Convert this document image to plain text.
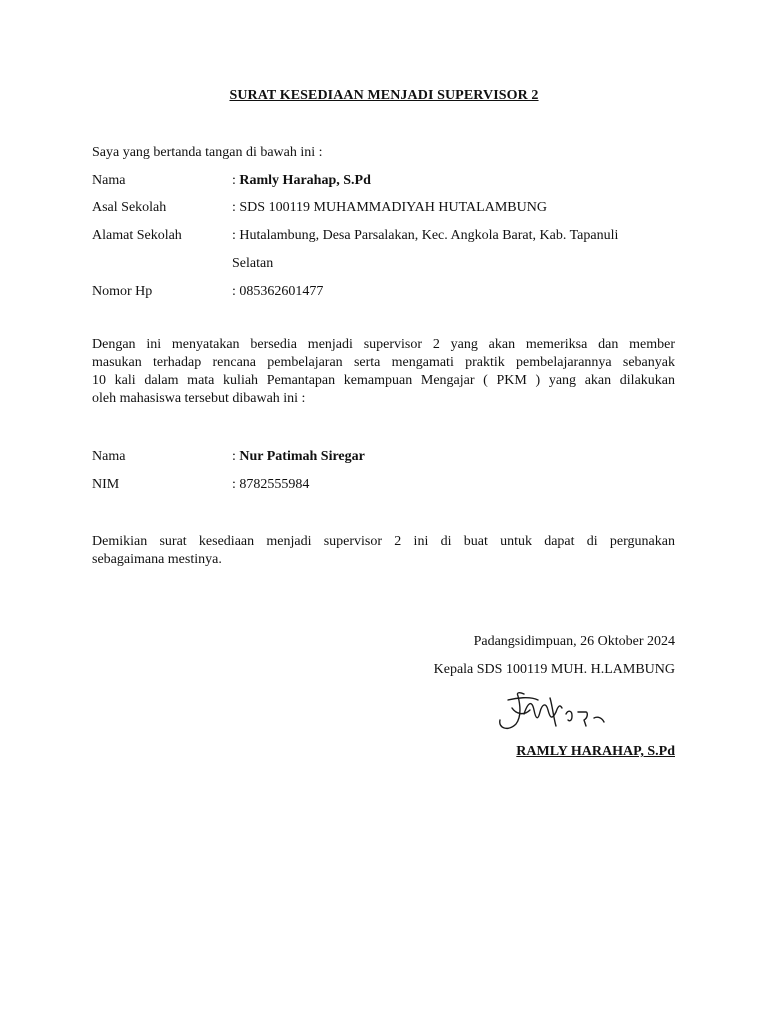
SURAT KESEDIAAN MENJADI SUPERVISOR 2
Saya yang bertanda tangan di bawah ini :
Nama	: Ramly Harahap, S.Pd
Asal Sekolah	: SDS 100119 MUHAMMADIYAH HUTALAMBUNG
Alamat Sekolah	: Hutalambung, Desa Parsalakan, Kec. Angkola Barat, Kab. Tapanuli
Selatan
Nomor Hp	: 085362601477
Dengan ini menyatakan bersedia menjadi supervisor 2 yang akan memeriksa dan member
masukan terhadap rencana pembelajaran serta mengamati praktik pembelajarannya sebanyak
10 kali dalam mata kuliah Pemantapan kemampuan Mengajar ( PKM ) yang akan dilakukan
oleh mahasiswa tersebut dibawah ini :
Nama	: Nur Patimah Siregar
NIM	: 8782555984
Demikian surat kesediaan menjadi supervisor 2 ini di buat untuk dapat di pergunakan
sebagaimana mestinya.
Padangsidimpuan, 26 Oktober 2024
Kepala SDS 100119 MUH. H.LAMBUNG
RAMLY HARAHAP, S.Pd
